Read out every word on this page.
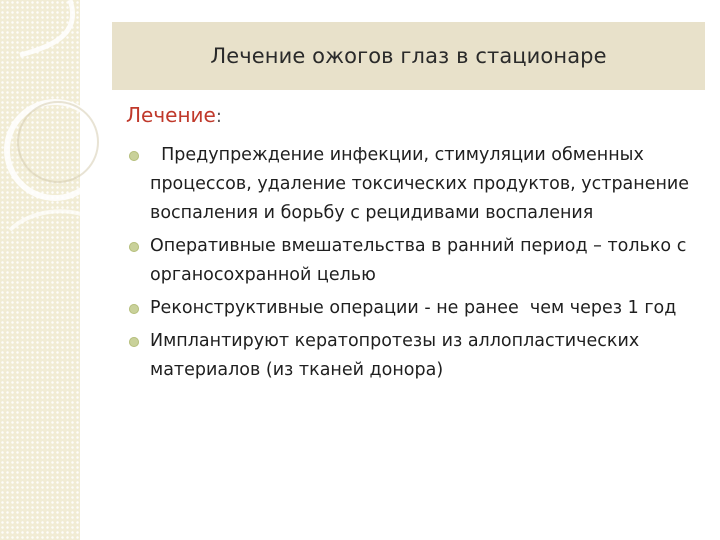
Лечение ожогов глаз в стационаре
Лечение:
Предупреждение инфекции, стимуляции обменных процессов, удаление токсических продуктов, устранение воспаления и борьбу с рецидивами воспаления
Оперативные вмешательства в ранний период – только с органосохранной целью
Реконструктивные операции - не ранее  чем через 1 год
Имплантируют кератопротезы из аллопластических материалов (из тканей донора)
